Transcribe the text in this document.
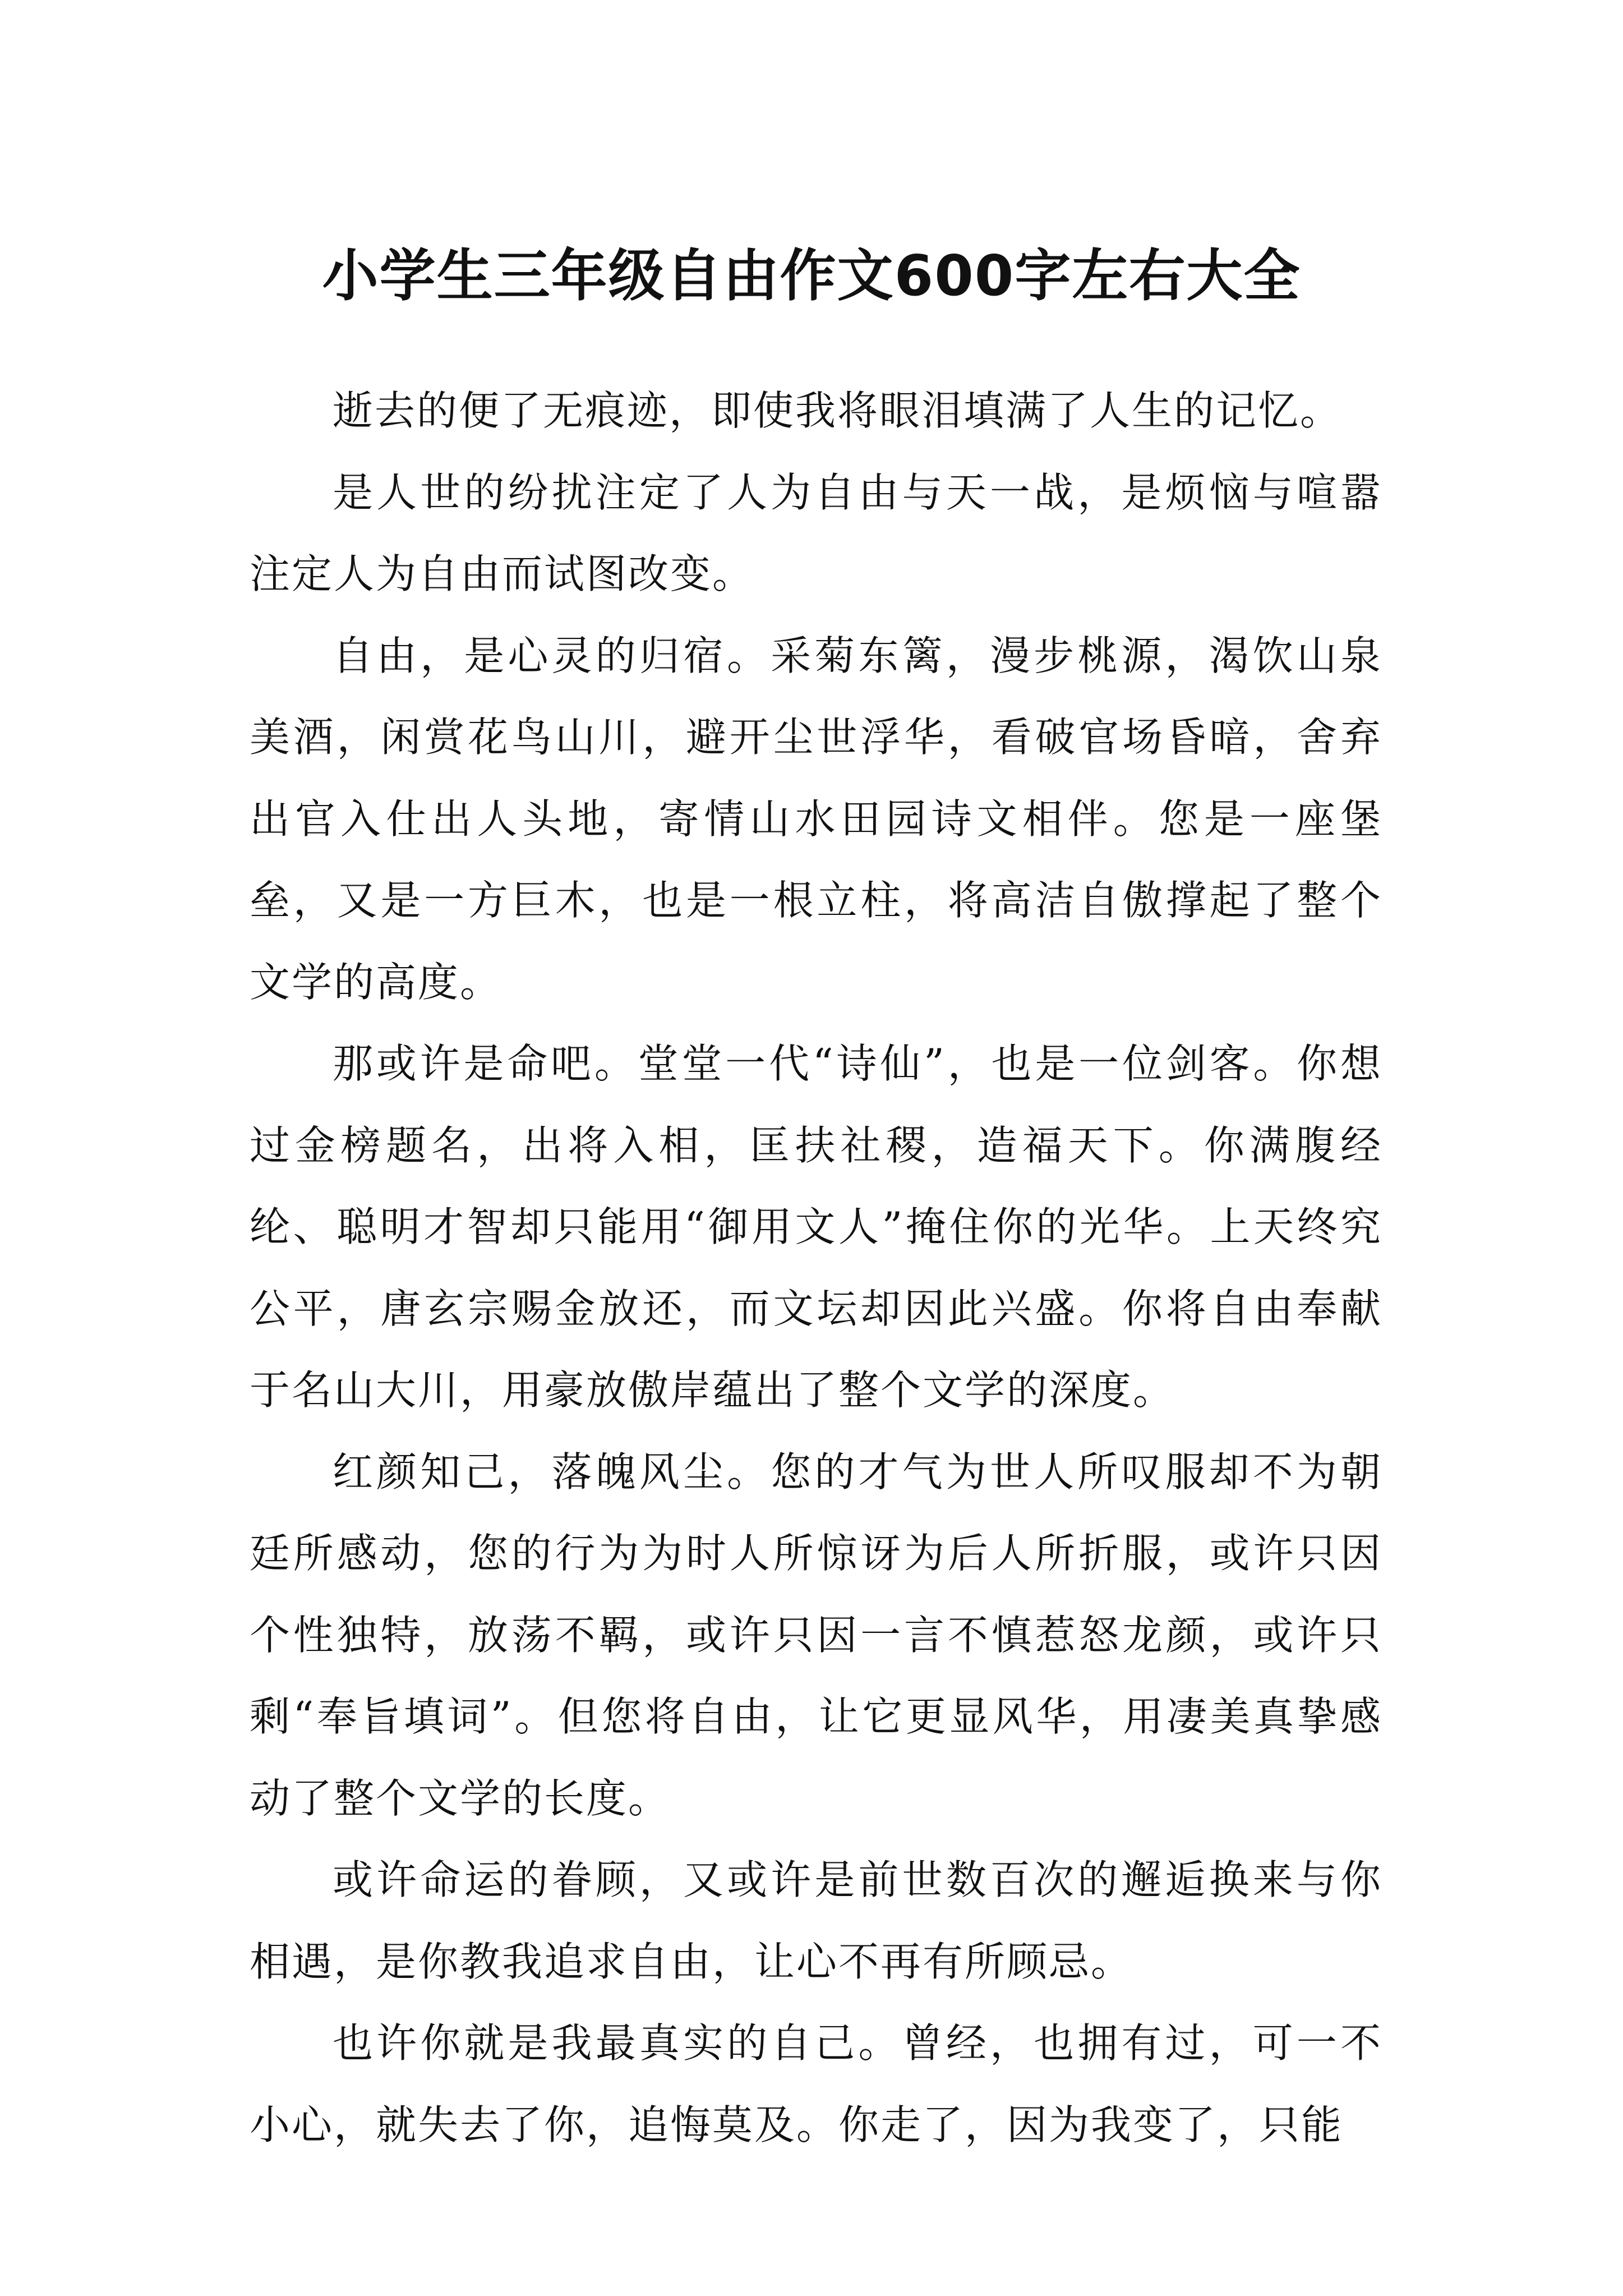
小学生三年级自由作文600字左右大全

逝去的便了无痕迹，即使我将眼泪填满了人生的记忆。

是人世的纷扰注定了人为自由与天一战，是烦恼与喧嚣注定人为自由而试图改变。

自由，是心灵的归宿。采菊东篱，漫步桃源，渴饮山泉美酒，闲赏花鸟山川，避开尘世浮华，看破官场昏暗，舍弃出官入仕出人头地，寄情山水田园诗文相伴。您是一座堡垒，又是一方巨木，也是一根立柱，将高洁自傲撑起了整个文学的高度。

那或许是命吧。堂堂一代“诗仙”，也是一位剑客。你想过金榜题名，出将入相，匡扶社稷，造福天下。你满腹经纶、聪明才智却只能用“御用文人”掩住你的光华。上天终究公平，唐玄宗赐金放还，而文坛却因此兴盛。你将自由奉献于名山大川，用豪放傲岸蕴出了整个文学的深度。

红颜知己，落魄风尘。您的才气为世人所叹服却不为朝廷所感动，您的行为为时人所惊讶为后人所折服，或许只因个性独特，放荡不羁，或许只因一言不慎惹怒龙颜，或许只剩“奉旨填词”。但您将自由，让它更显风华，用凄美真挚感动了整个文学的长度。

或许命运的眷顾，又或许是前世数百次的邂逅换来与你相遇，是你教我追求自由，让心不再有所顾忌。

也许你就是我最真实的自己。曾经，也拥有过，可一不小心，就失去了你，追悔莫及。你走了，因为我变了，只能
